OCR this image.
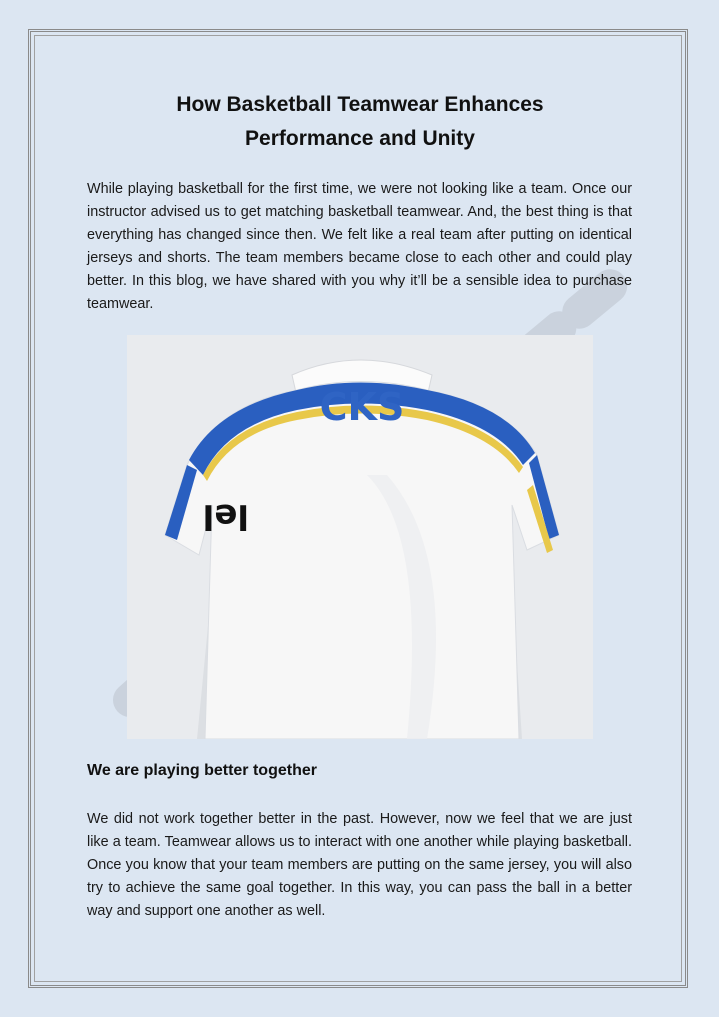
How Basketball Teamwear Enhances
Performance and Unity
While playing basketball for the first time, we were not looking like a team. Once our instructor advised us to get matching basketball teamwear. And, the best thing is that everything has changed since then. We felt like a real team after putting on identical jerseys and shorts. The team members became close to each other and could play better. In this blog, we have shared with you why it’ll be a sensible idea to purchase teamwear.
CKS
lel
We are playing better together
We did not work together better in the past. However, now we feel that we are just like a team. Teamwear allows us to interact with one another while playing basketball. Once you know that your team members are putting on the same jersey, you will also try to achieve the same goal together. In this way, you can pass the ball in a better way and support one another as well.
